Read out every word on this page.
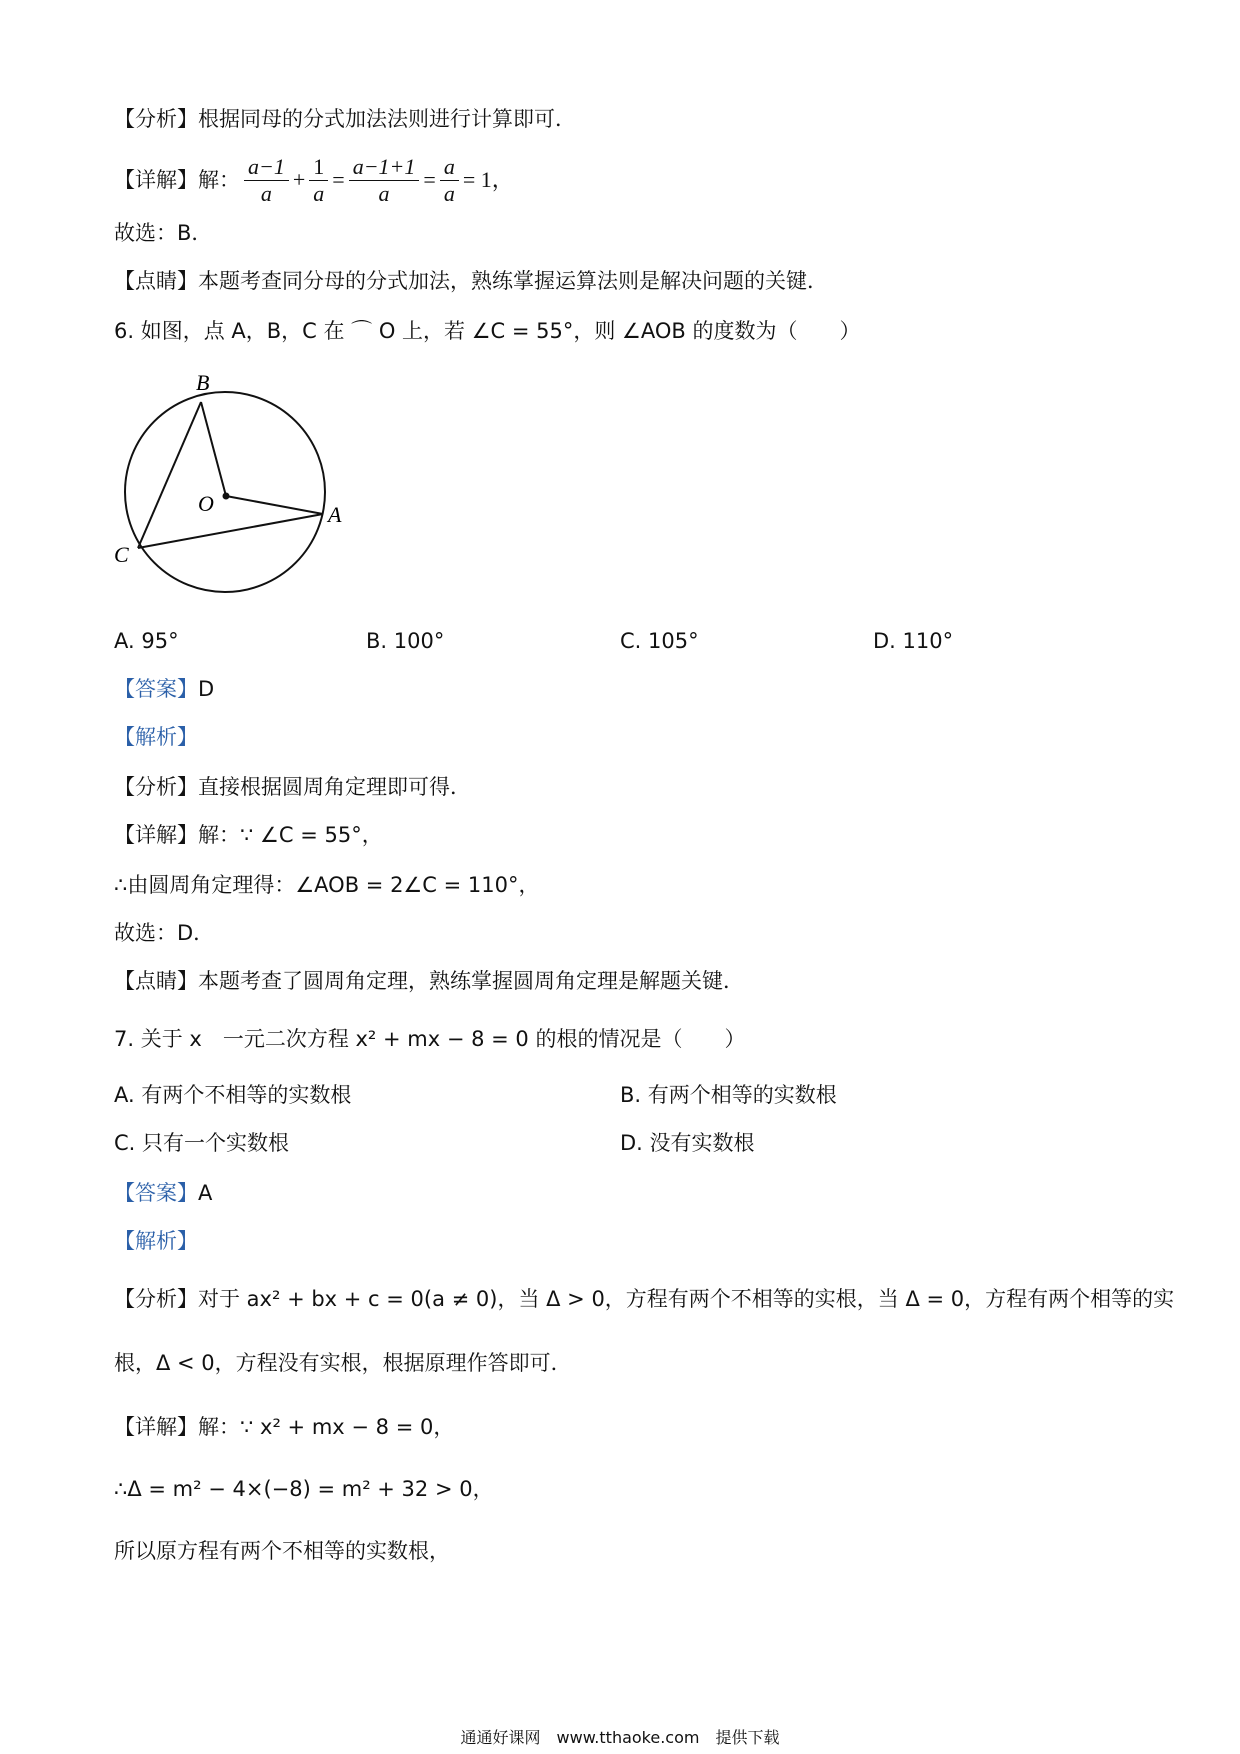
【分析】根据同母的分式加法法则进行计算即可．
【详解】 解： $\frac{a-1}{a} + \frac{1}{a} = \frac{a-1+1}{a} = \frac{a}{a} = 1$，
故选：B．
【点睛】本题考查同分母的分式加法，熟练掌握运算法则是解决问题的关键．
6. 如图，点 A，B，C 在 ⌒ O 上，若 ∠C = 55°，则 ∠AOB 的度数为（　　）
B
O	A
C
A. 95°	B. 100°	C. 105°	D. 110°
【答案】D
【解析】
【分析】直接根据圆周角定理即可得．
【详解】解：∵ ∠C = 55°，
∴由圆周角定理得：∠AOB = 2∠C = 110°，
故选：D．
【点睛】本题考查了圆周角定理，熟练掌握圆周角定理是解题关键．
7. 关于 x　一元二次方程 x² + mx − 8 = 0 的根的情况是（　　）
A. 有两个不相等的实数根	B. 有两个相等的实数根
C. 只有一个实数根	D. 没有实数根
【答案】A
【解析】
【分析】对于 ax² + bx + c = 0(a ≠ 0)，当 Δ > 0，方程有两个不相等的实根，当 Δ = 0，方程有两个相等的实
根，Δ < 0，方程没有实根，根据原理作答即可．
【详解】解：∵ x² + mx − 8 = 0，
∴Δ = m² − 4×(−8) = m² + 32 > 0，
所以原方程有两个不相等的实数根，
通通好课网　www.tthaoke.com　提供下载
